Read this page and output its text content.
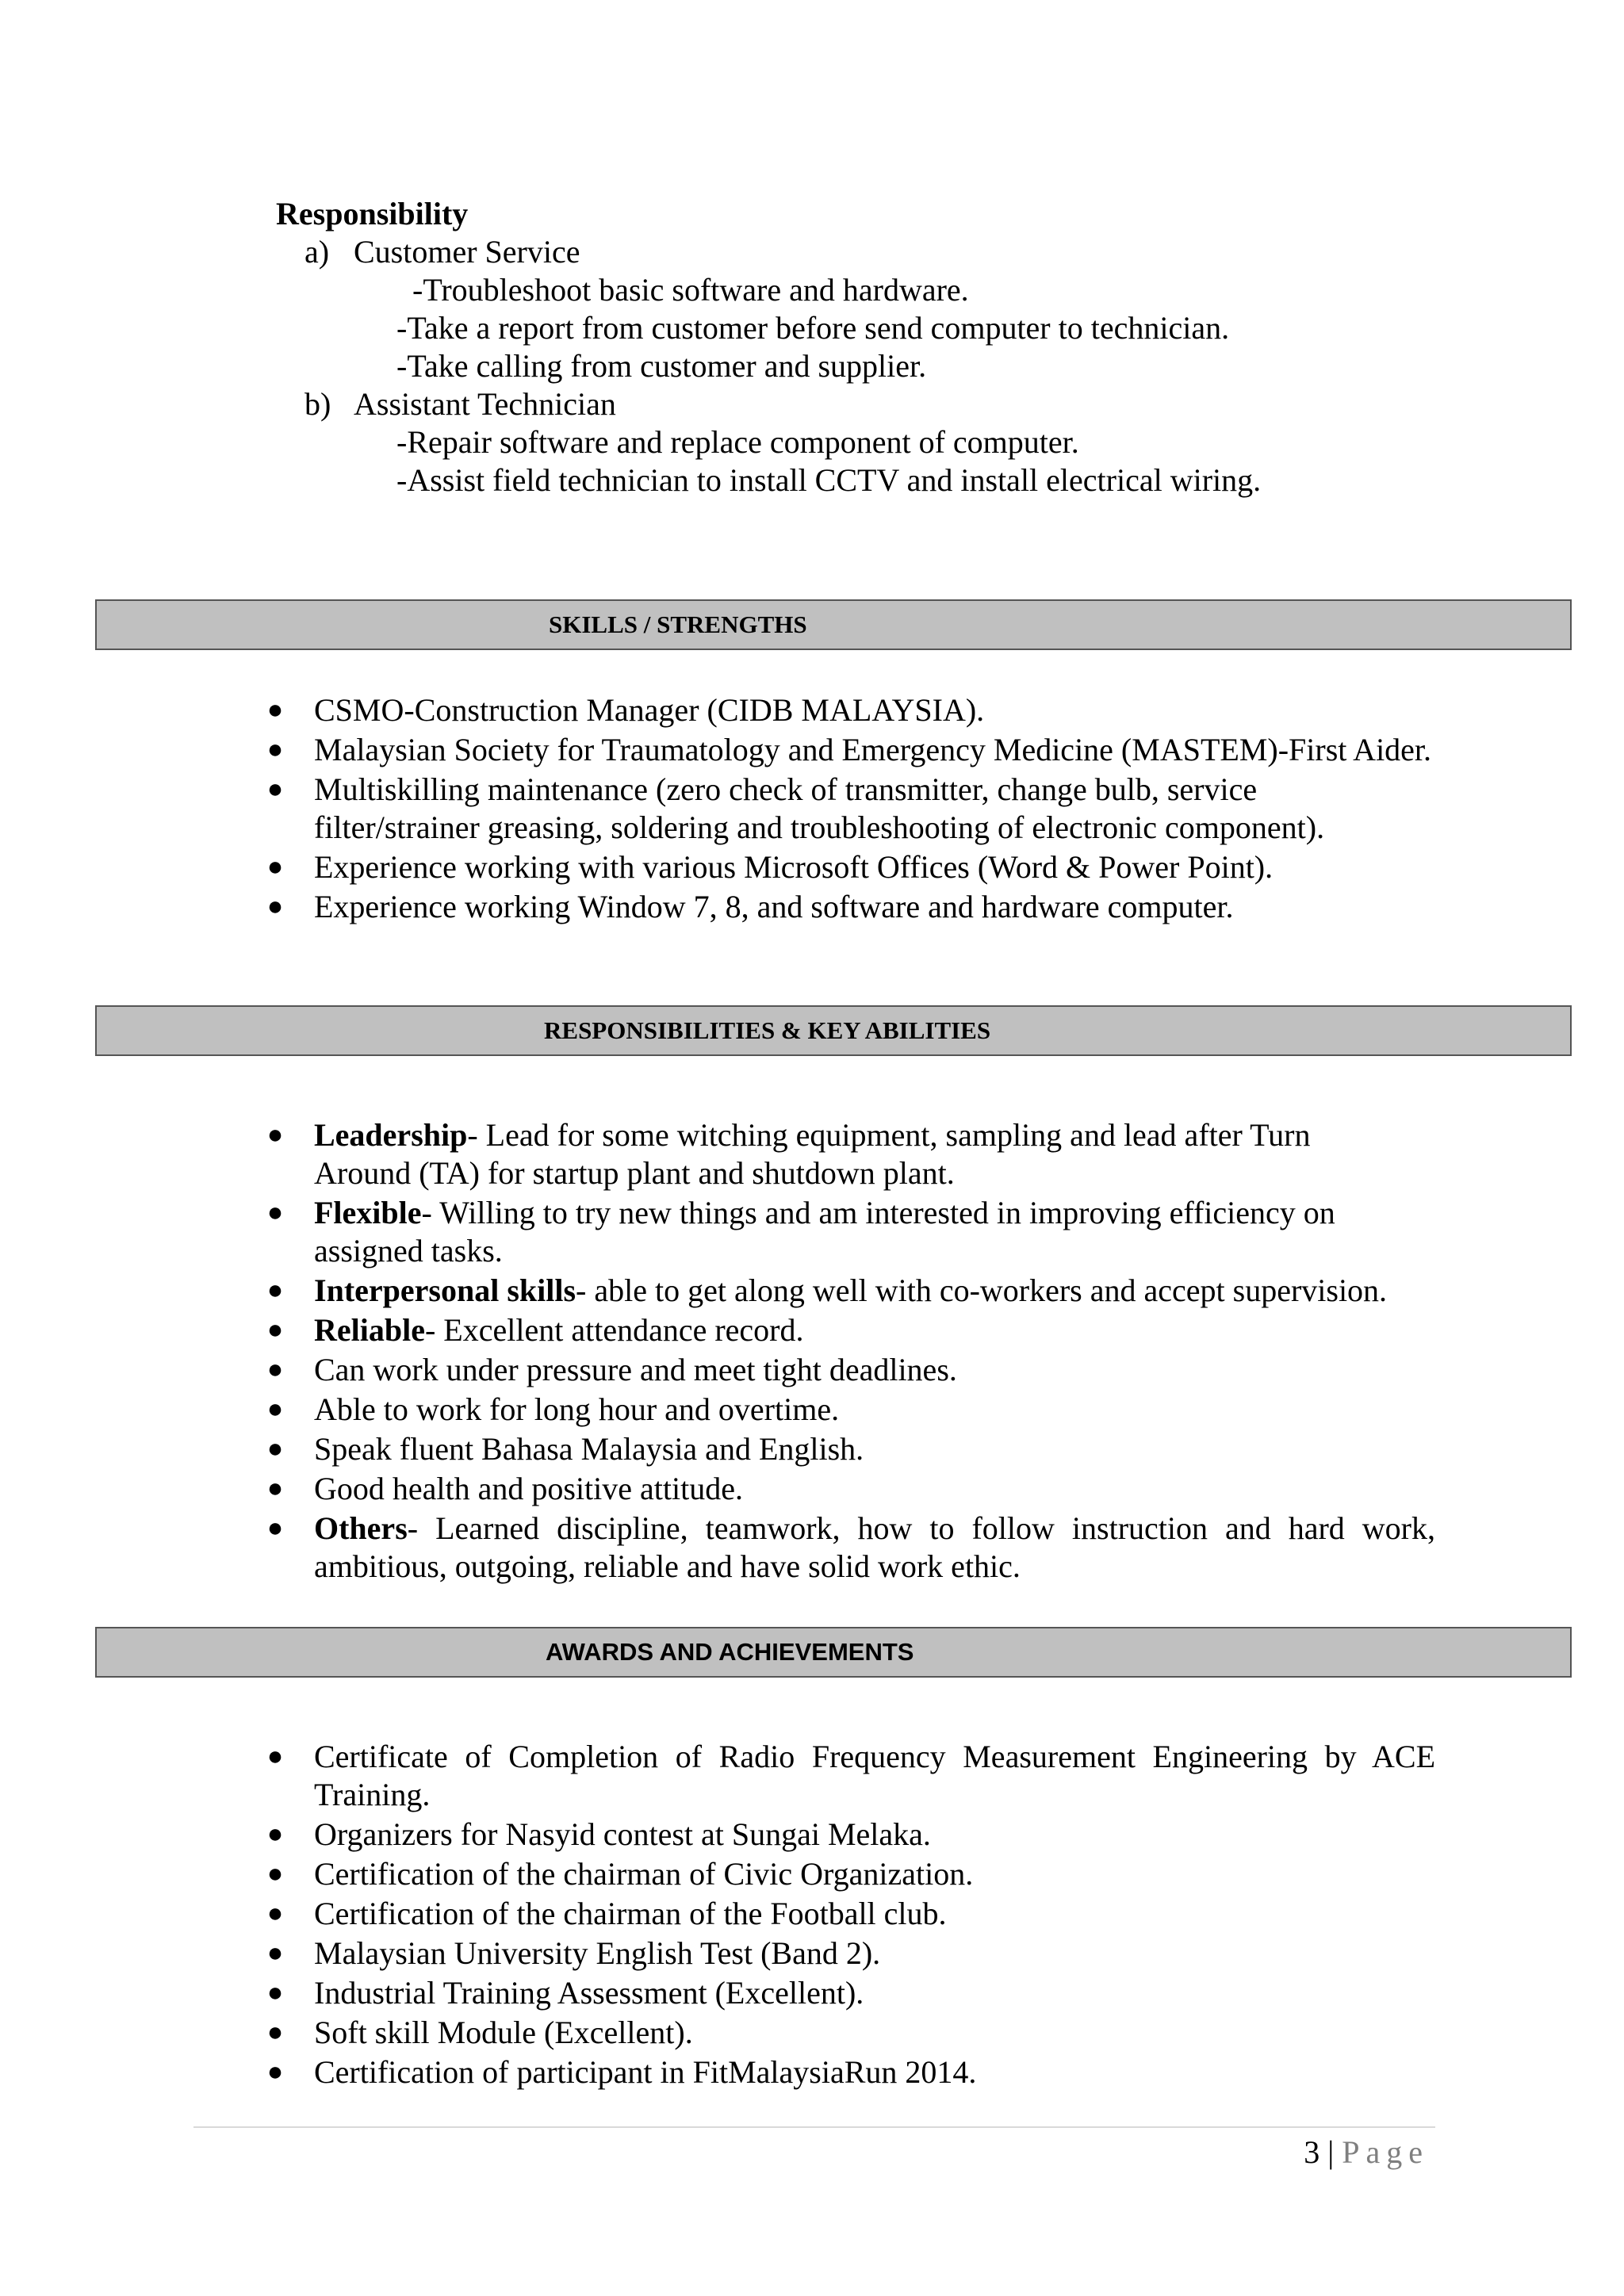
Responsibility
a) Customer Service
-Troubleshoot basic software and hardware.
-Take a report from customer before send computer to technician.
-Take calling from customer and supplier.
b) Assistant Technician
-Repair software and replace component of computer.
-Assist field technician to install CCTV and install electrical wiring.
SKILLS / STRENGTHS
● CSMO-Construction Manager (CIDB MALAYSIA).
● Malaysian Society for Traumatology and Emergency Medicine (MASTEM)-First Aider.
● Multiskilling maintenance (zero check of transmitter, change bulb, service filter/strainer greasing, soldering and troubleshooting of electronic component).
● Experience working with various Microsoft Offices (Word & Power Point).
● Experience working Window 7, 8, and software and hardware computer.
RESPONSIBILITIES & KEY ABILITIES
● Leadership- Lead for some witching equipment, sampling and lead after Turn Around (TA) for startup plant and shutdown plant.
● Flexible- Willing to try new things and am interested in improving efficiency on assigned tasks.
● Interpersonal skills- able to get along well with co-workers and accept supervision.
● Reliable- Excellent attendance record.
● Can work under pressure and meet tight deadlines.
● Able to work for long hour and overtime.
● Speak fluent Bahasa Malaysia and English.
● Good health and positive attitude.
● Others- Learned discipline, teamwork, how to follow instruction and hard work, ambitious, outgoing, reliable and have solid work ethic.
AWARDS AND ACHIEVEMENTS
● Certificate of Completion of Radio Frequency Measurement Engineering by ACE Training.
● Organizers for Nasyid contest at Sungai Melaka.
● Certification of the chairman of Civic Organization.
● Certification of the chairman of the Football club.
● Malaysian University English Test (Band 2).
● Industrial Training Assessment (Excellent).
● Soft skill Module (Excellent).
● Certification of participant in FitMalaysiaRun 2014.
3 | Page
